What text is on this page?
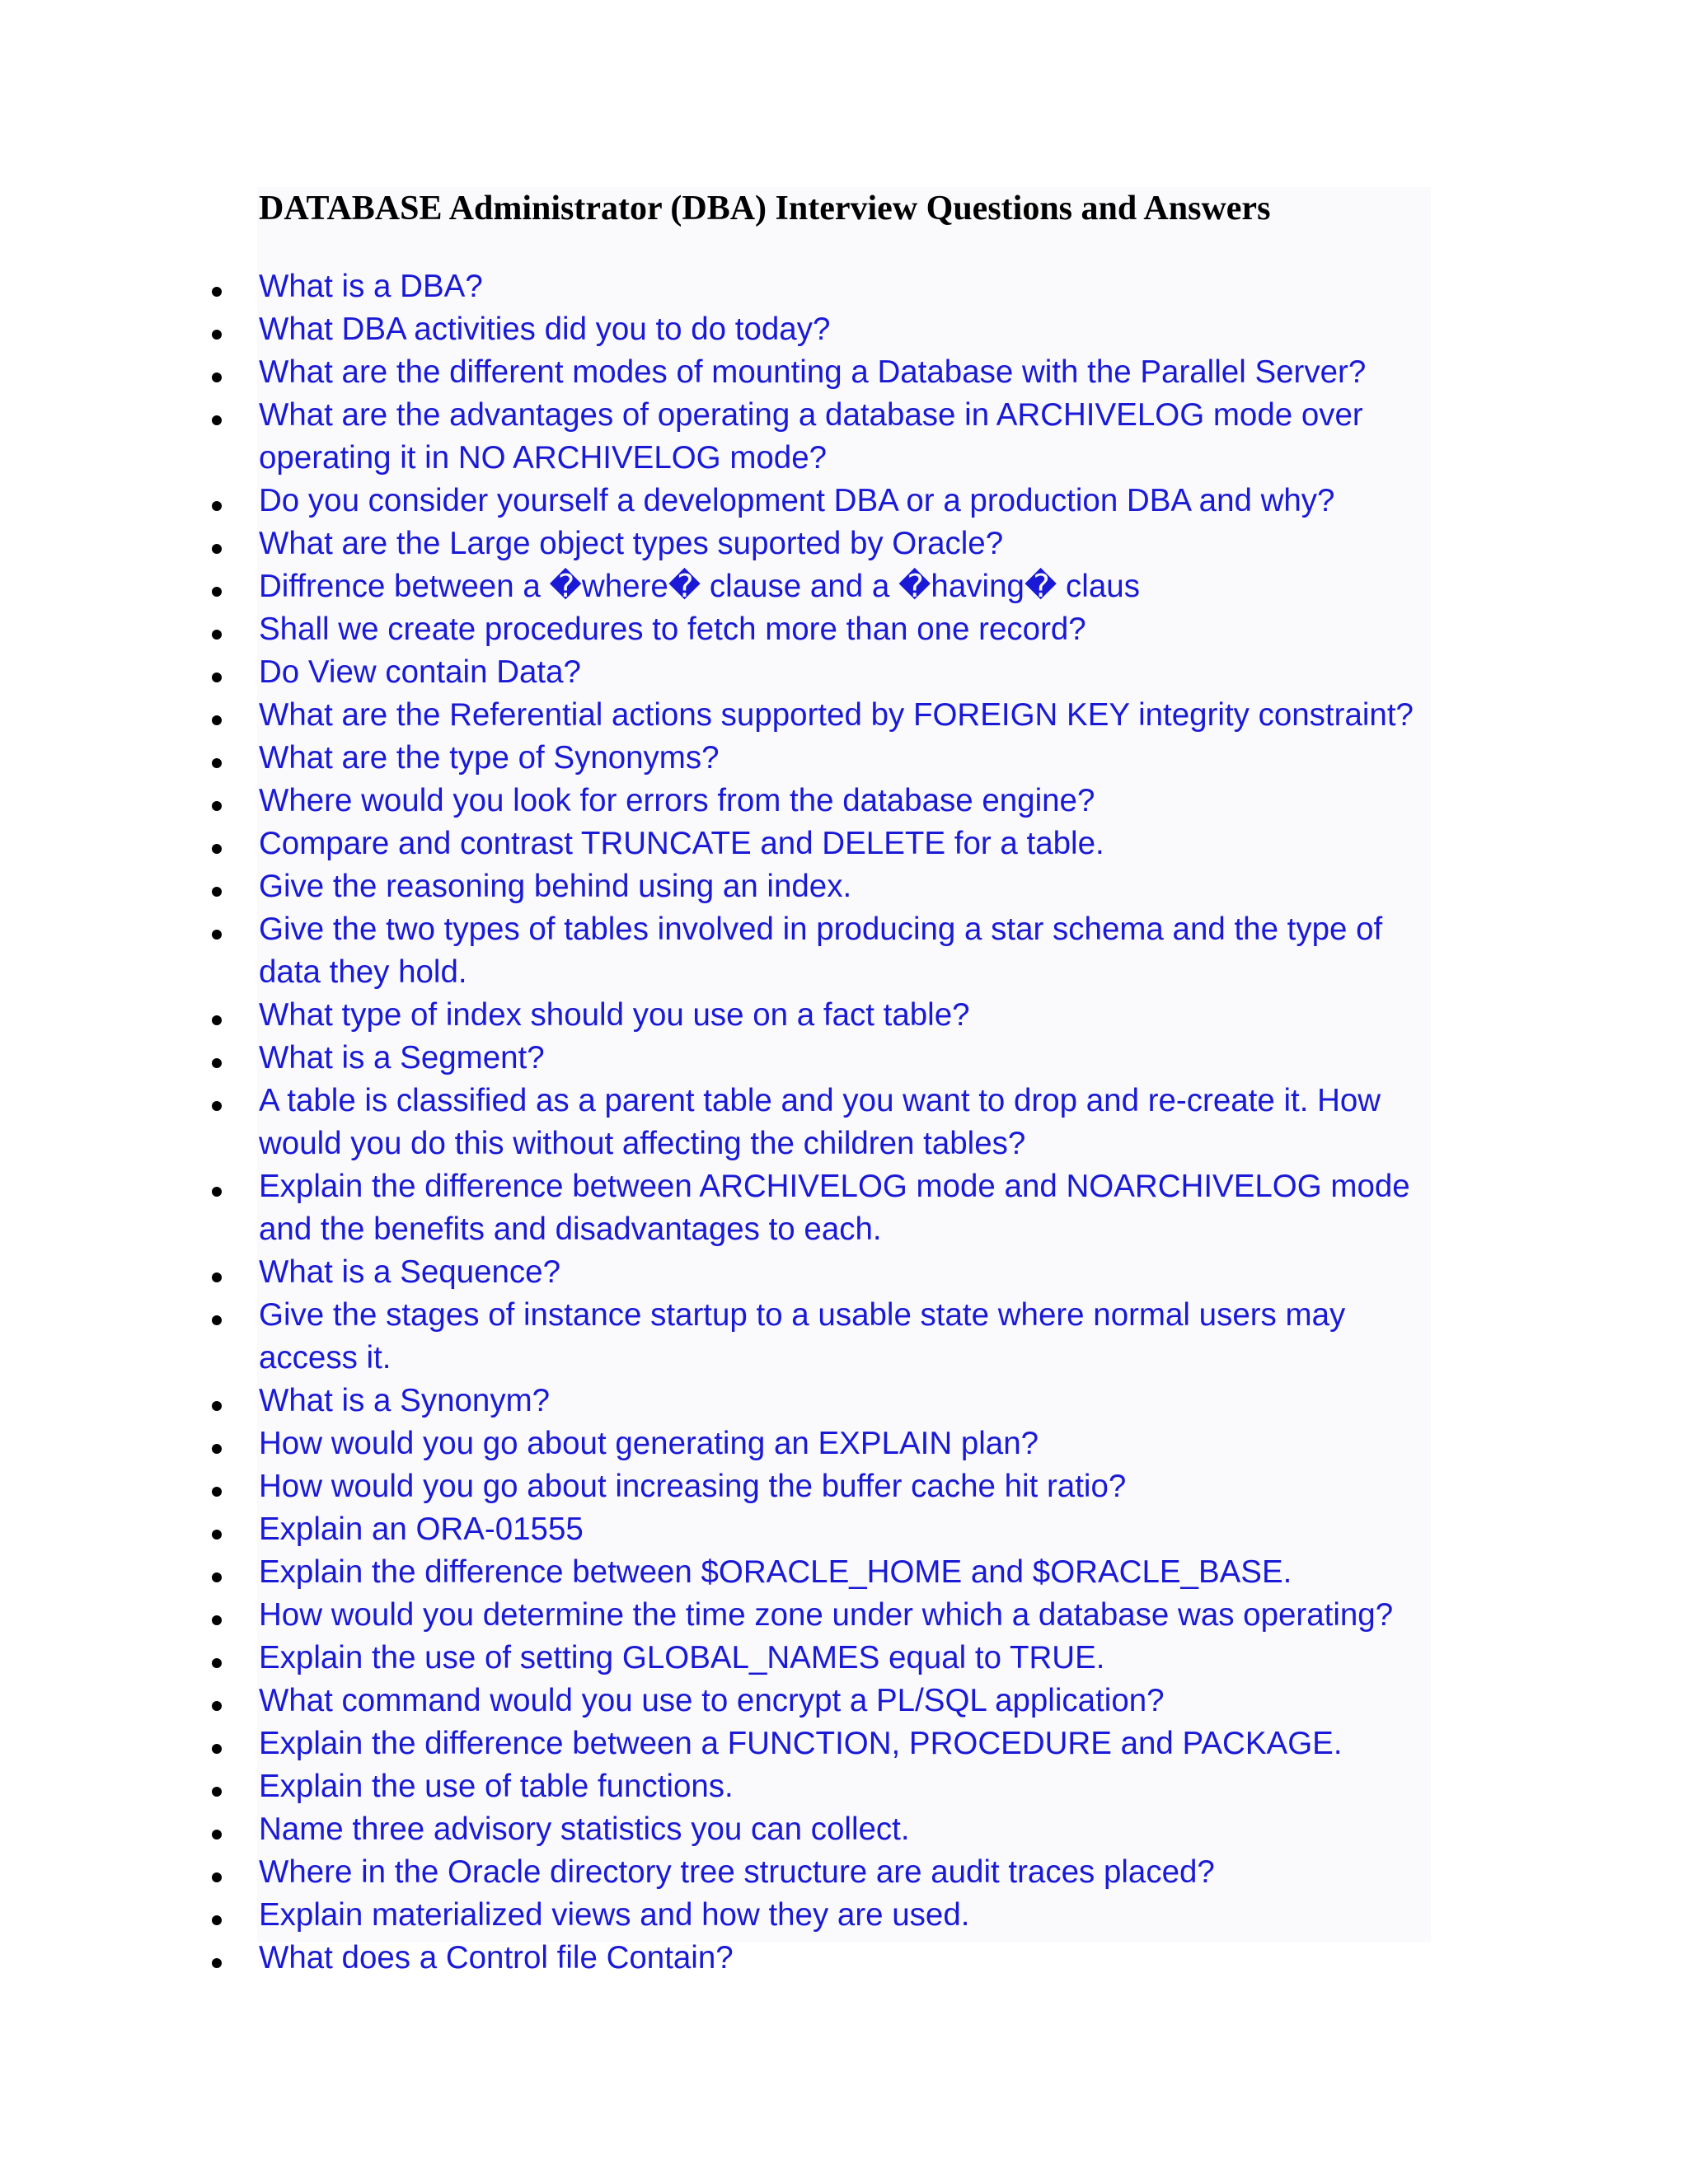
DATABASE Administrator (DBA) Interview Questions and Answers
What is a DBA?
What DBA activities did you to do today?
What are the different modes of mounting a Database with the Parallel Server?
What are the advantages of operating a database in ARCHIVELOG mode over operating it in NO ARCHIVELOG mode?
Do you consider yourself a development DBA or a production DBA and why?
What are the Large object types suported by Oracle?
Diffrence between a �where� clause and a �having� claus
Shall we create procedures to fetch more than one record?
Do View contain Data?
What are the Referential actions supported by FOREIGN KEY integrity constraint?
What are the type of Synonyms?
Where would you look for errors from the database engine?
Compare and contrast TRUNCATE and DELETE for a table.
Give the reasoning behind using an index.
Give the two types of tables involved in producing a star schema and the type of data they hold.
What type of index should you use on a fact table?
What is a Segment?
A table is classified as a parent table and you want to drop and re-create it. How would you do this without affecting the children tables?
Explain the difference between ARCHIVELOG mode and NOARCHIVELOG mode and the benefits and disadvantages to each.
What is a Sequence?
Give the stages of instance startup to a usable state where normal users may access it.
What is a Synonym?
How would you go about generating an EXPLAIN plan?
How would you go about increasing the buffer cache hit ratio?
Explain an ORA-01555
Explain the difference between $ORACLE_HOME and $ORACLE_BASE.
How would you determine the time zone under which a database was operating?
Explain the use of setting GLOBAL_NAMES equal to TRUE.
What command would you use to encrypt a PL/SQL application?
Explain the difference between a FUNCTION, PROCEDURE and PACKAGE.
Explain the use of table functions.
Name three advisory statistics you can collect.
Where in the Oracle directory tree structure are audit traces placed?
Explain materialized views and how they are used.
What does a Control file Contain?
